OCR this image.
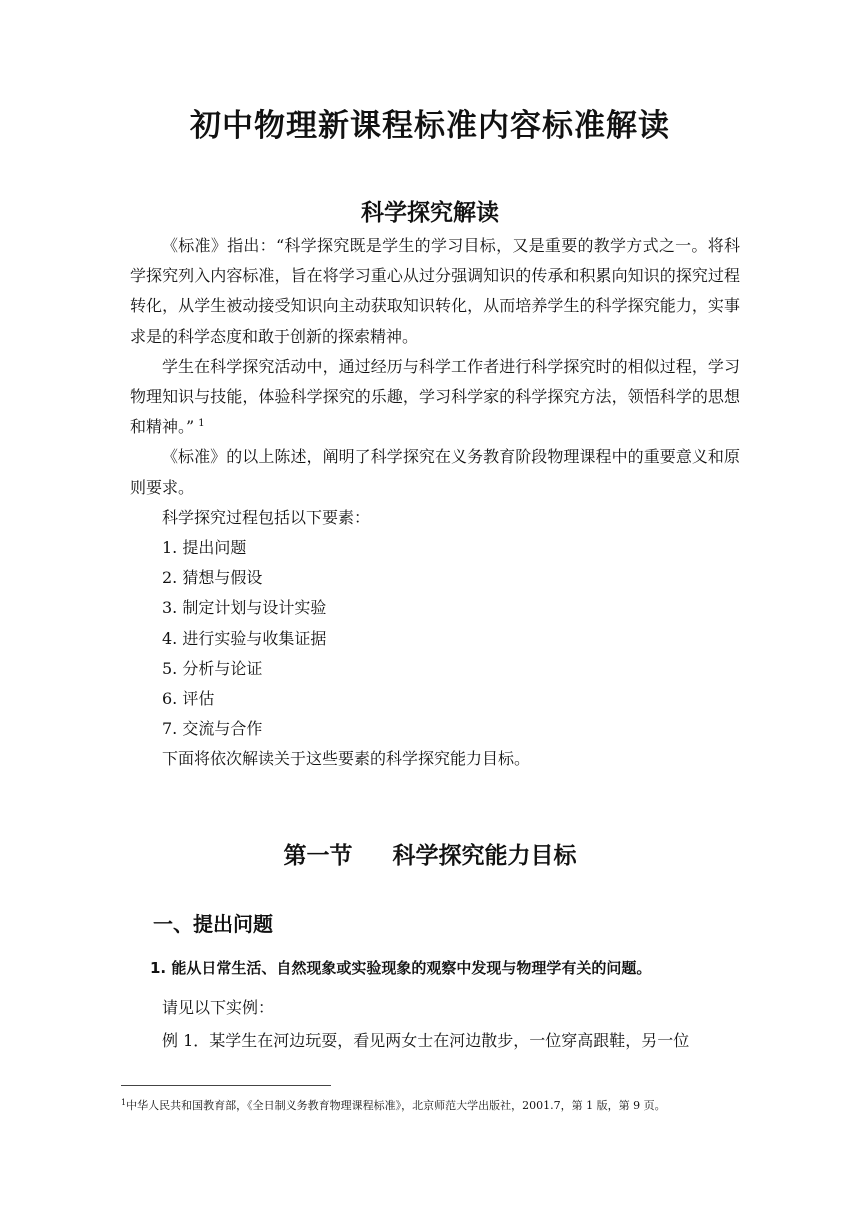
初中物理新课程标准内容标准解读
科学探究解读

《标准》指出：“科学探究既是学生的学习目标，又是重要的教学方式之一。将科学探究列入内容标准，旨在将学习重心从过分强调知识的传承和积累向知识的探究过程转化，从学生被动接受知识向主动获取知识转化，从而培养学生的科学探究能力，实事求是的科学态度和敢于创新的探索精神。

学生在科学探究活动中，通过经历与科学工作者进行科学探究时的相似过程，学习物理知识与技能，体验科学探究的乐趣，学习科学家的科学探究方法，领悟科学的思想和精神。” $^1$

《标准》的以上陈述，阐明了科学探究在义务教育阶段物理课程中的重要意义和原则要求。

科学探究过程包括以下要素：

1. 提出问题

2. 猜想与假设

3. 制定计划与设计实验

4. 进行实验与收集证据

5. 分析与论证

6. 评估

7. 交流与合作

下面将依次解读关于这些要素的科学探究能力目标。

第一节     科学探究能力目标
一、提出问题
1. 能从日常生活、自然现象或实验现象的观察中发现与物理学有关的问题。
请见以下实例：
例 1．某学生在河边玩耍，看见两女士在河边散步，一位穿高跟鞋，另一位
$^1$中华人民共和国教育部，《全日制义务教育物理课程标准》，北京师范大学出版社，2001.7，第 1 版，第 9 页。
